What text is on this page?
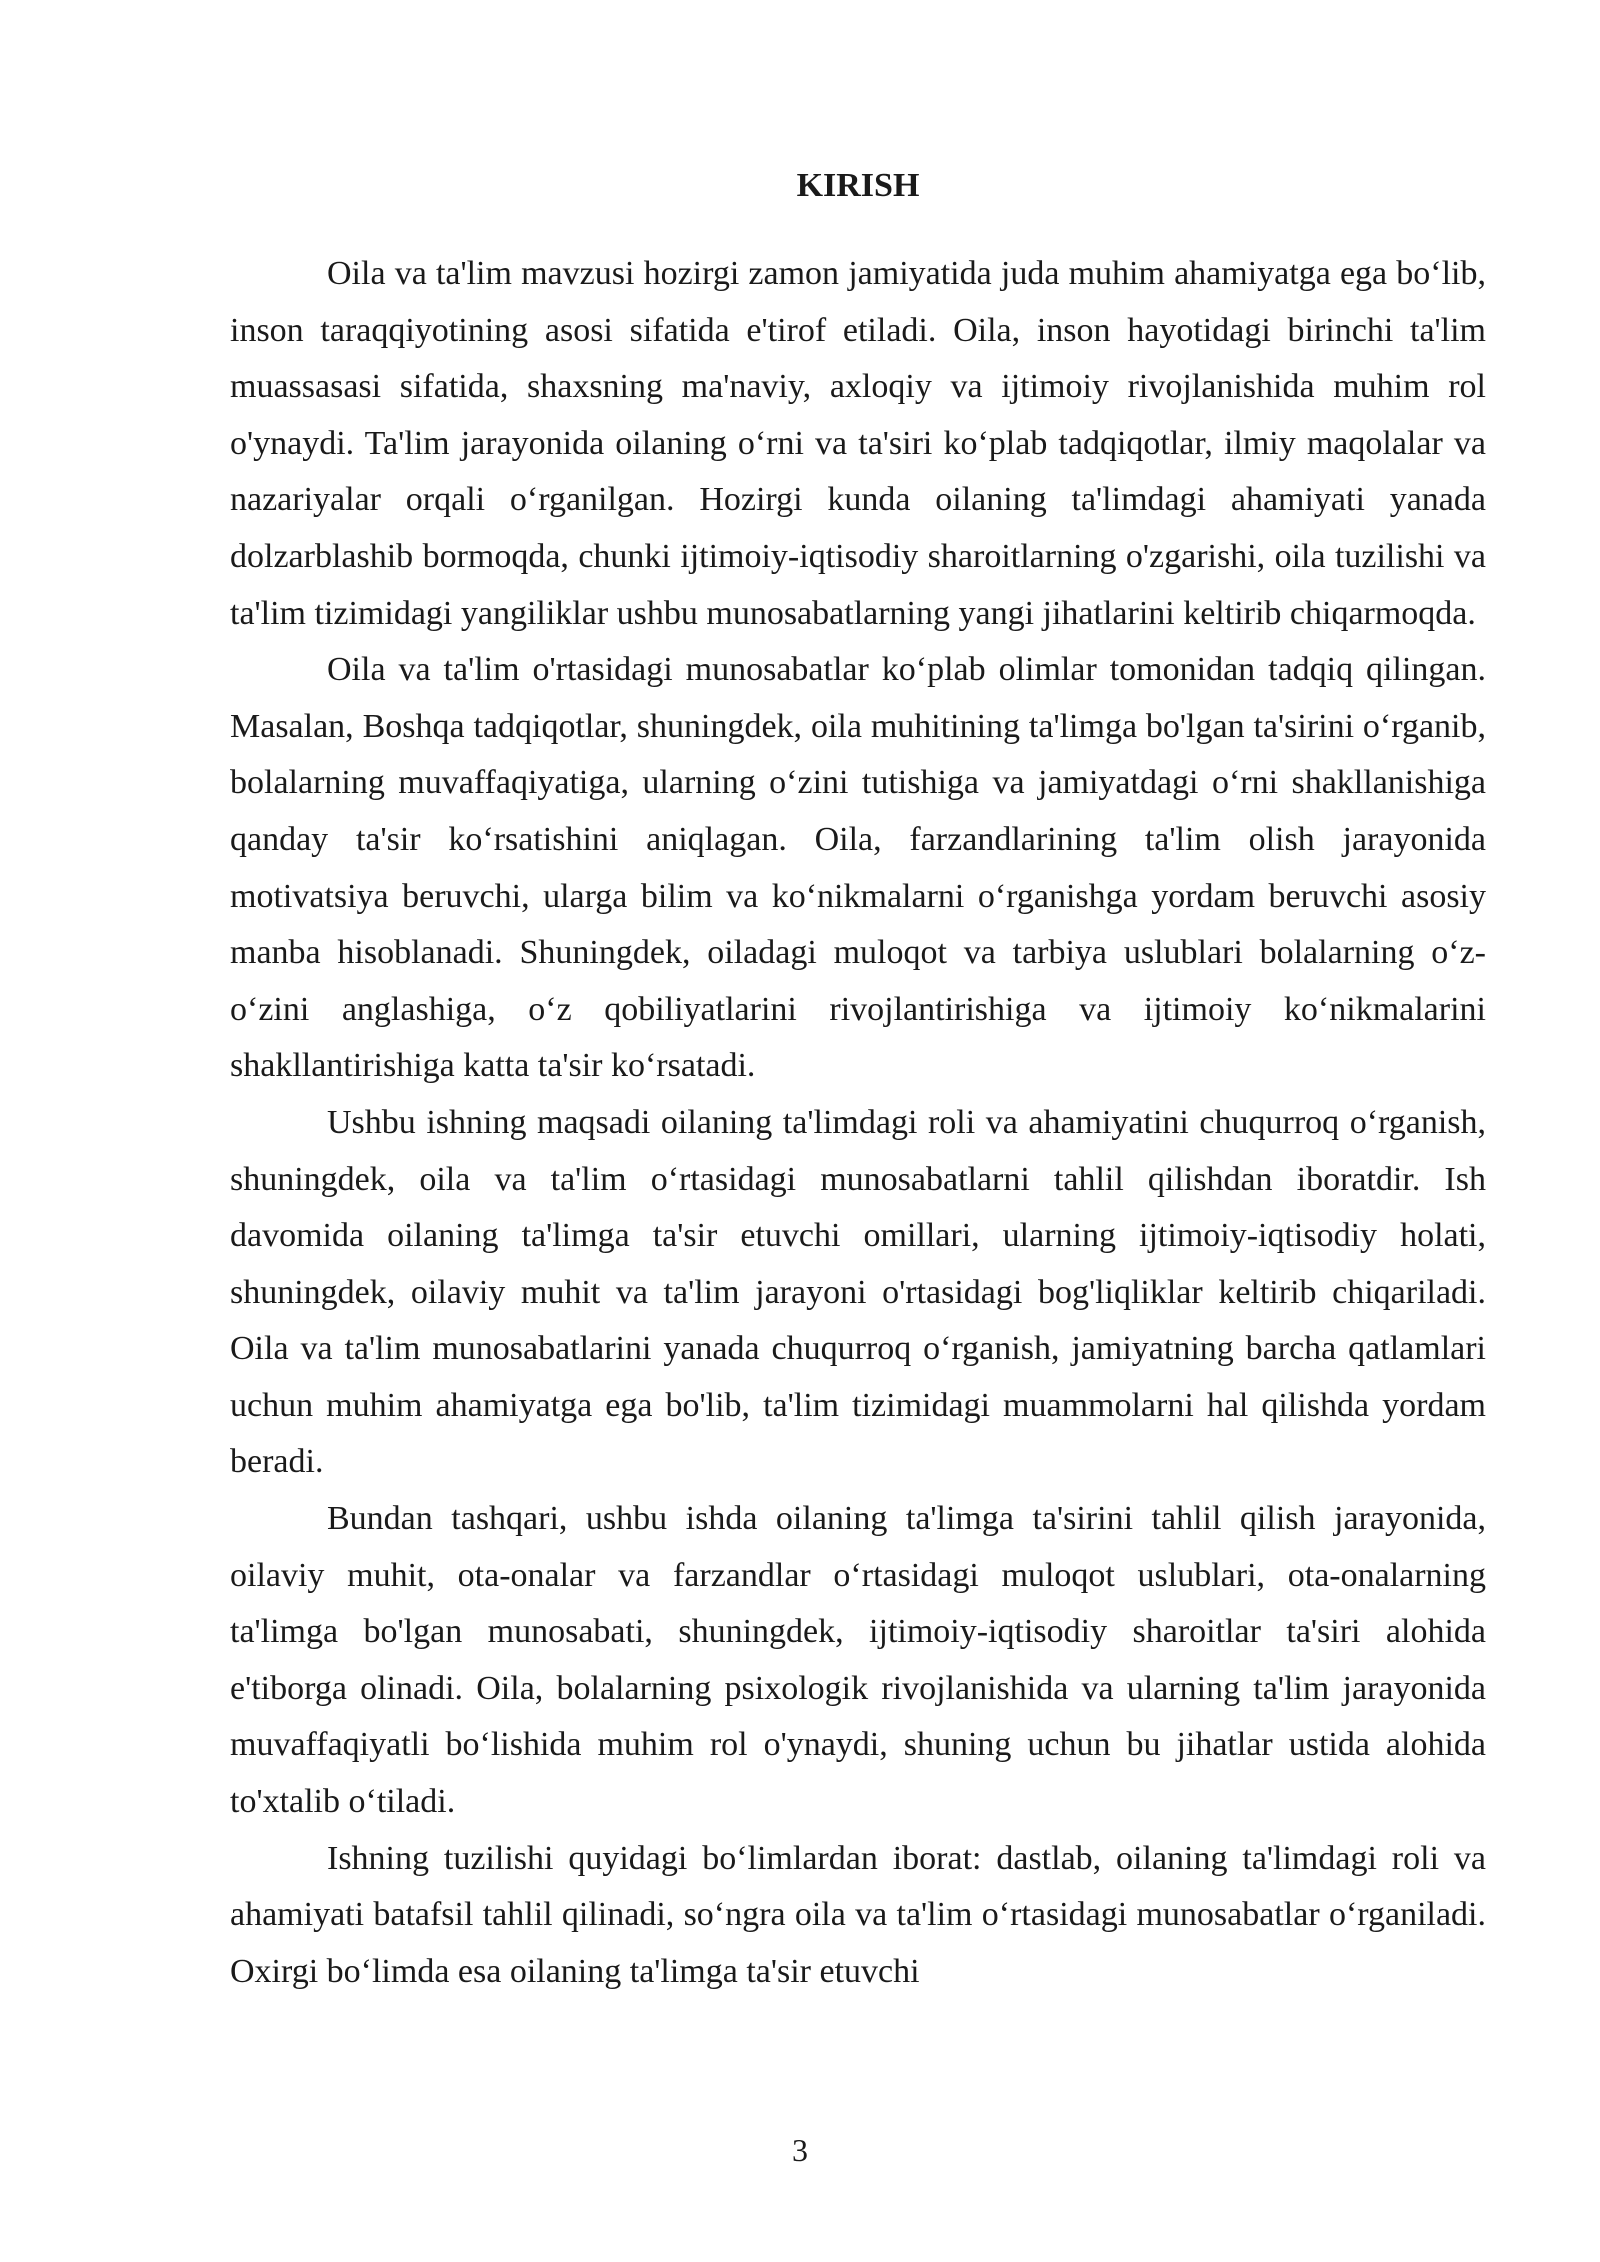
KIRISH

Oila va ta'lim mavzusi hozirgi zamon jamiyatida juda muhim ahamiyatga ega bo‘lib, inson taraqqiyotining asosi sifatida e'tirof etiladi. Oila, inson hayotidagi birinchi ta'lim muassasasi sifatida, shaxsning ma'naviy, axloqiy va ijtimoiy rivojlanishida muhim rol o'ynaydi. Ta'lim jarayonida oilaning o‘rni va ta'siri ko‘plab tadqiqotlar, ilmiy maqolalar va nazariyalar orqali o‘rganilgan. Hozirgi kunda oilaning ta'limdagi ahamiyati yanada dolzarblashib bormoqda, chunki ijtimoiy-iqtisodiy sharoitlarning o'zgarishi, oila tuzilishi va ta'lim tizimidagi yangiliklar ushbu munosabatlarning yangi jihatlarini keltirib chiqarmoqda.

Oila va ta'lim o'rtasidagi munosabatlar ko‘plab olimlar tomonidan tadqiq qilingan. Masalan, Boshqa tadqiqotlar, shuningdek, oila muhitining ta'limga bo'lgan ta'sirini o‘rganib, bolalarning muvaffaqiyatiga, ularning o‘zini tutishiga va jamiyatdagi o‘rni shakllanishiga qanday ta'sir ko‘rsatishini aniqlagan. Oila, farzandlarining ta'lim olish jarayonida motivatsiya beruvchi, ularga bilim va ko‘nikmalarni o‘rganishga yordam beruvchi asosiy manba hisoblanadi. Shuningdek, oiladagi muloqot va tarbiya uslublari bolalarning o‘z-o‘zini anglashiga, o‘z qobiliyatlarini rivojlantirishiga va ijtimoiy ko‘nikmalarini shakllantirishiga katta ta'sir ko‘rsatadi.

Ushbu ishning maqsadi oilaning ta'limdagi roli va ahamiyatini chuqurroq o‘rganish, shuningdek, oila va ta'lim o‘rtasidagi munosabatlarni tahlil qilishdan iboratdir. Ish davomida oilaning ta'limga ta'sir etuvchi omillari, ularning ijtimoiy-iqtisodiy holati, shuningdek, oilaviy muhit va ta'lim jarayoni o'rtasidagi bog'liqliklar keltirib chiqariladi. Oila va ta'lim munosabatlarini yanada chuqurroq o‘rganish, jamiyatning barcha qatlamlari uchun muhim ahamiyatga ega bo'lib, ta'lim tizimidagi muammolarni hal qilishda yordam beradi.

Bundan tashqari, ushbu ishda oilaning ta'limga ta'sirini tahlil qilish jarayonida, oilaviy muhit, ota-onalar va farzandlar o‘rtasidagi muloqot uslublari, ota-onalarning ta'limga bo'lgan munosabati, shuningdek, ijtimoiy-iqtisodiy sharoitlar ta'siri alohida e'tiborga olinadi. Oila, bolalarning psixologik rivojlanishida va ularning ta'lim jarayonida muvaffaqiyatli bo‘lishida muhim rol o'ynaydi, shuning uchun bu jihatlar ustida alohida to'xtalib o‘tiladi.

Ishning tuzilishi quyidagi bo‘limlardan iborat: dastlab, oilaning ta'limdagi roli va ahamiyati batafsil tahlil qilinadi, so‘ngra oila va ta'lim o‘rtasidagi munosabatlar o‘rganiladi. Oxirgi bo‘limda esa oilaning ta'limga ta'sir etuvchi

3
